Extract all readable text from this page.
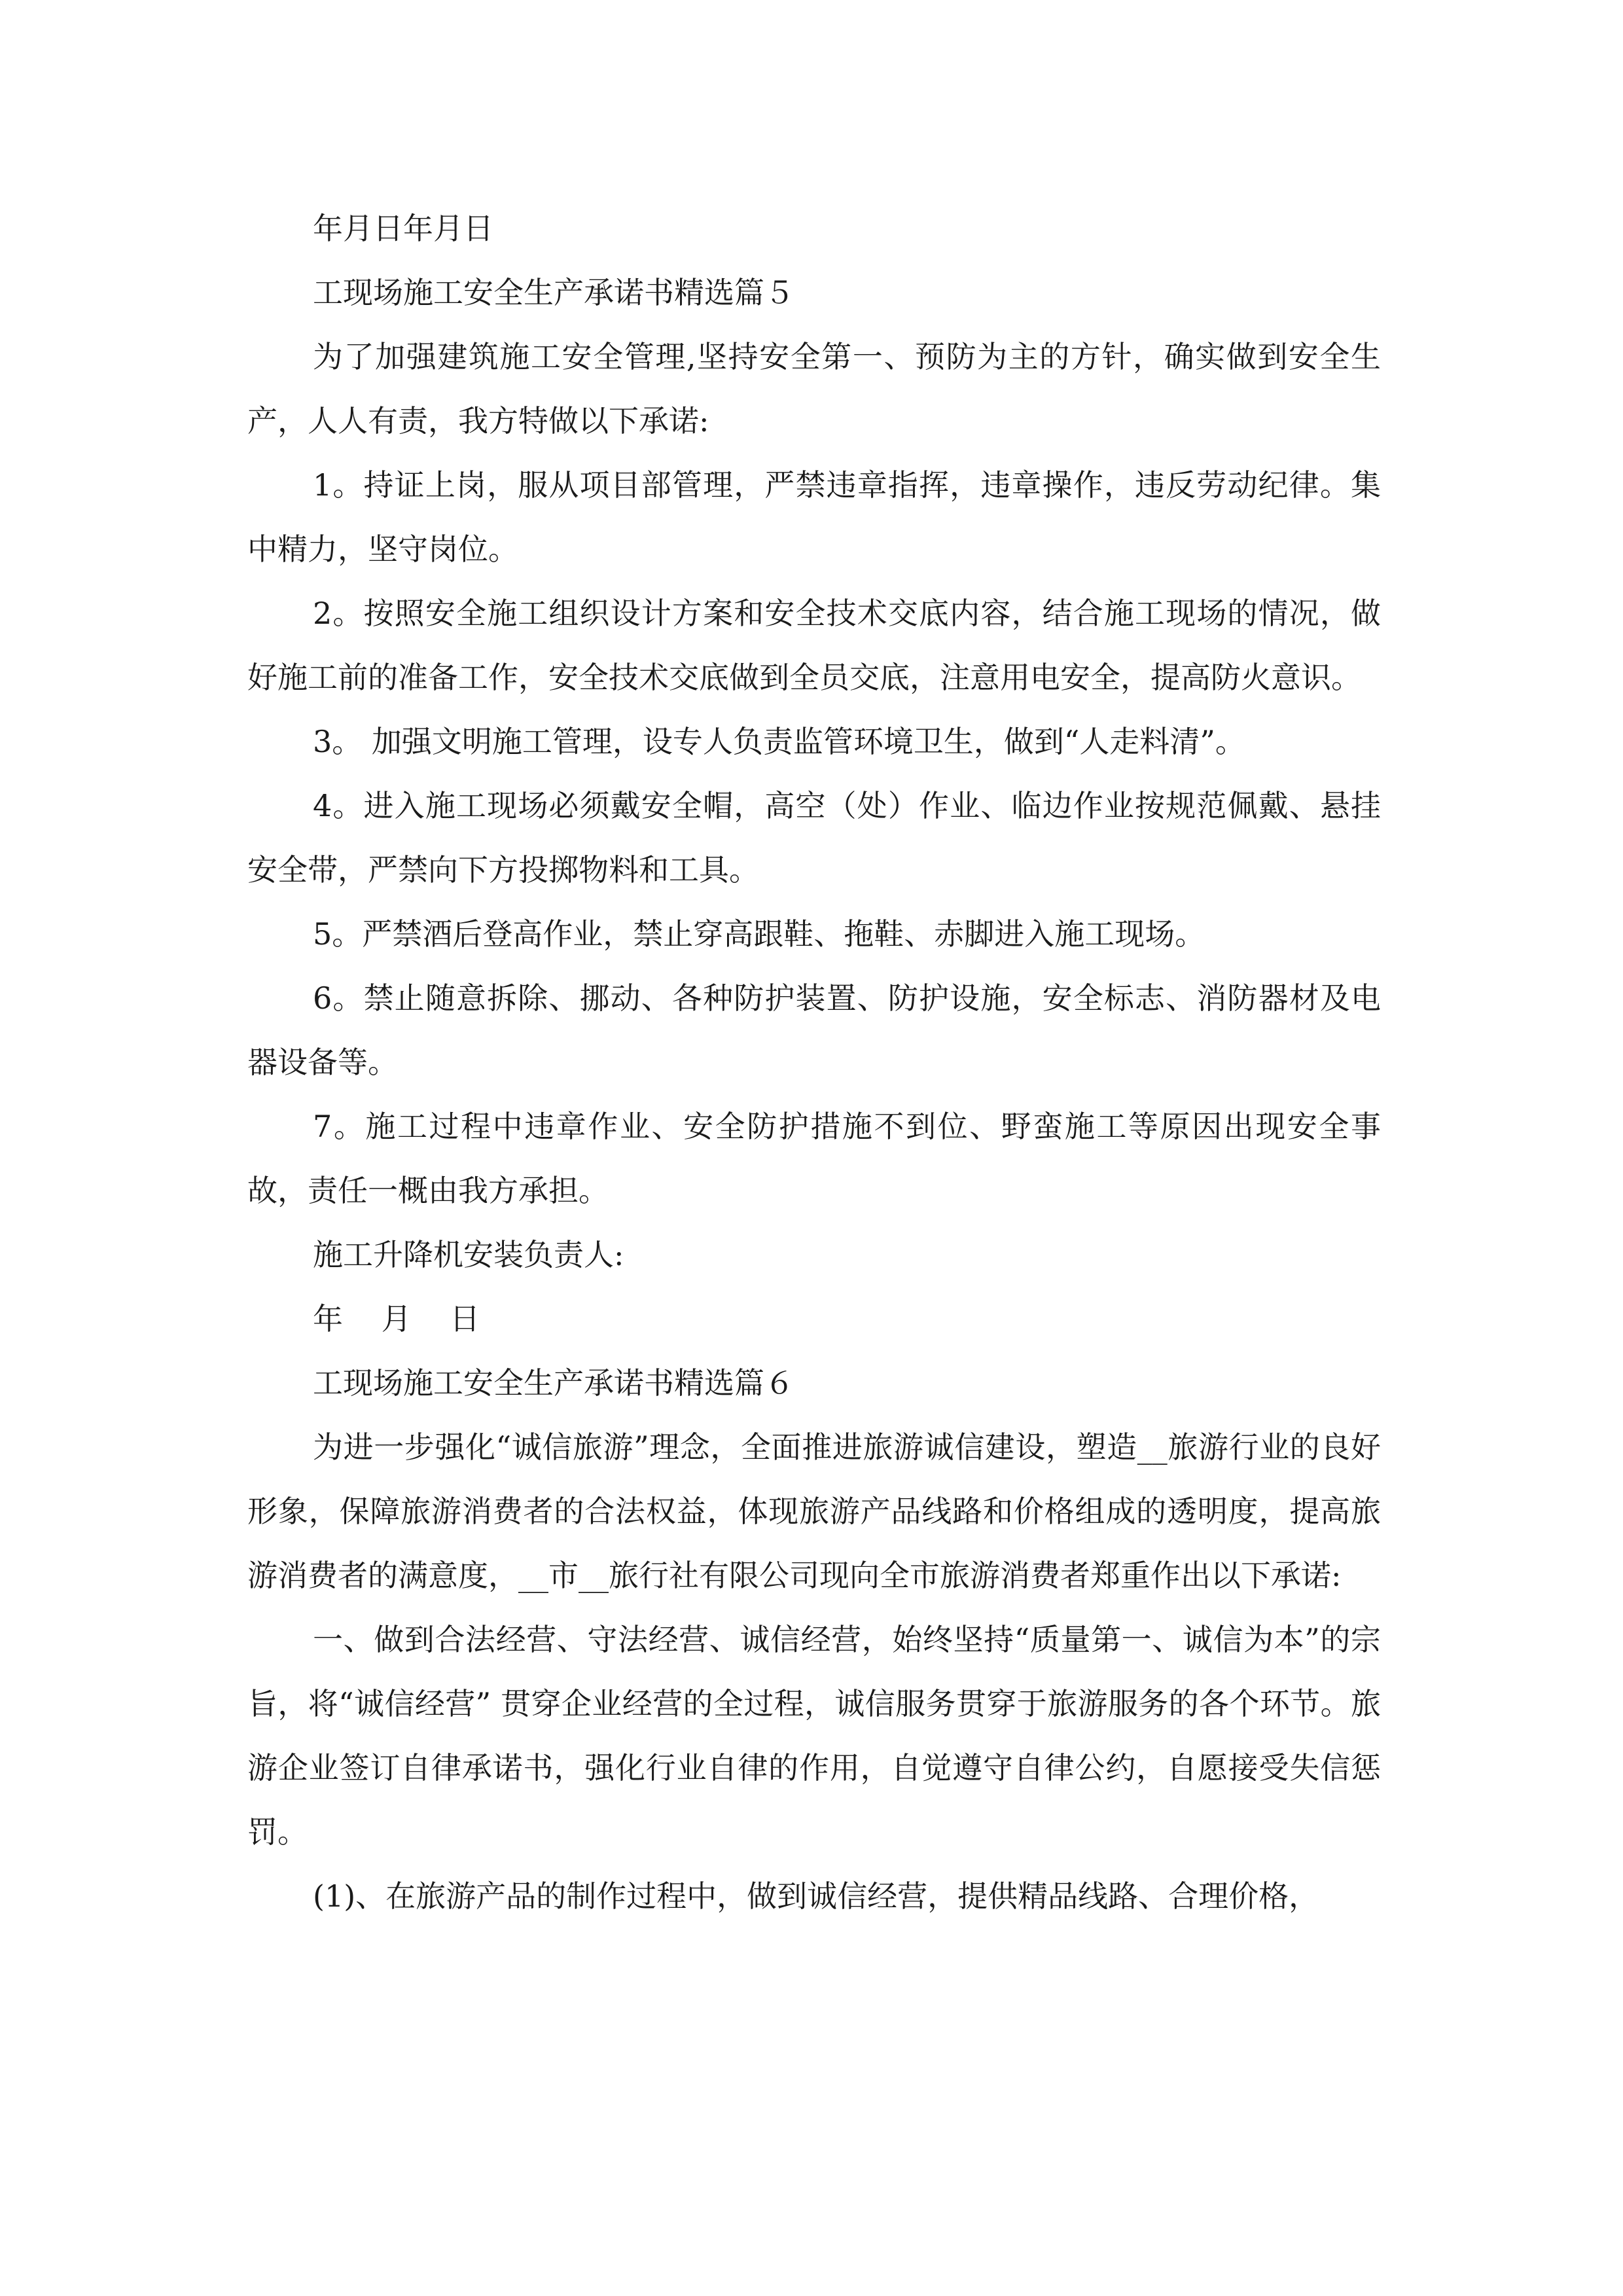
年月日年月日

工现场施工安全生产承诺书精选篇５

为了加强建筑施工安全管理,坚持安全第一、预防为主的方针，确实做到安全生产，人人有责，我方特做以下承诺:

1。持证上岗，服从项目部管理，严禁违章指挥，违章操作，违反劳动纪律。集中精力，坚守岗位。

2。按照安全施工组织设计方案和安全技术交底内容，结合施工现场的情况，做好施工前的准备工作，安全技术交底做到全员交底，注意用电安全，提高防火意识。

3。 加强文明施工管理，设专人负责监管环境卫生，做到“人走料清”。

4。进入施工现场必须戴安全帽，高空（处）作业、临边作业按规范佩戴、悬挂安全带，严禁向下方投掷物料和工具。

5。严禁酒后登高作业，禁止穿高跟鞋、拖鞋、赤脚进入施工现场。

6。禁止随意拆除、挪动、各种防护装置、防护设施，安全标志、消防器材及电器设备等。

7。施工过程中违章作业、安全防护措施不到位、野蛮施工等原因出现安全事故，责任一概由我方承担。

施工升降机安装负责人:

年 月 日

工现场施工安全生产承诺书精选篇６

为进一步强化“诚信旅游”理念，全面推进旅游诚信建设，塑造__旅游行业的良好形象，保障旅游消费者的合法权益，体现旅游产品线路和价格组成的透明度，提高旅游消费者的满意度，__市__旅行社有限公司现向全市旅游消费者郑重作出以下承诺:

一、做到合法经营、守法经营、诚信经营，始终坚持“质量第一、诚信为本”的宗旨，将“诚信经营” 贯穿企业经营的全过程，诚信服务贯穿于旅游服务的各个环节。旅游企业签订自律承诺书，强化行业自律的作用，自觉遵守自律公约，自愿接受失信惩罚。

(1)、在旅游产品的制作过程中，做到诚信经营，提供精品线路、合理价格，
